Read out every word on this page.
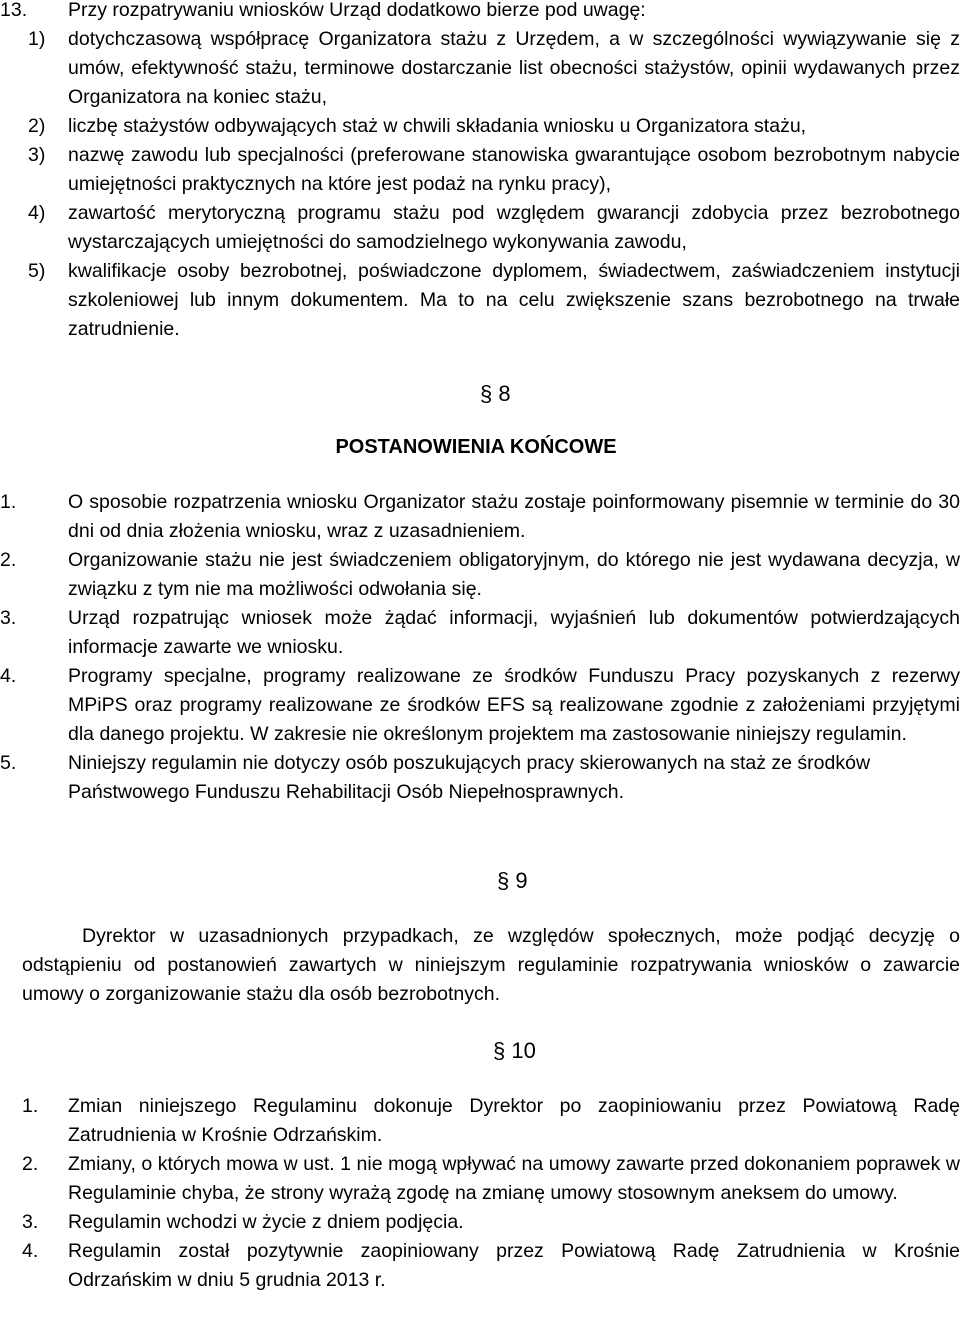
13. Przy rozpatrywaniu wniosków Urząd dodatkowo bierze pod uwagę:

1) dotychczasową współpracę Organizatora stażu z Urzędem, a w szczególności wywiązywanie się z umów, efektywność stażu, terminowe dostarczanie list obecności stażystów, opinii wydawanych przez Organizatora na koniec stażu,

2) liczbę stażystów odbywających staż w chwili składania wniosku u Organizatora stażu,

3) nazwę zawodu lub specjalności (preferowane stanowiska gwarantujące osobom bezrobotnym nabycie umiejętności praktycznych na które jest podaż na rynku pracy),

4) zawartość merytoryczną programu stażu pod względem gwarancji zdobycia przez bezrobotnego wystarczających umiejętności do samodzielnego wykonywania zawodu,

5) kwalifikacje osoby bezrobotnej, poświadczone dyplomem, świadectwem, zaświadczeniem instytucji szkoleniowej lub innym dokumentem. Ma to na celu zwiększenie szans bezrobotnego na trwałe zatrudnienie.

§ 8
POSTANOWIENIA KOŃCOWE
1.	O sposobie rozpatrzenia wniosku Organizator stażu zostaje poinformowany pisemnie w terminie do 30 dni od dnia złożenia wniosku, wraz z uzasadnieniem.

2.	Organizowanie stażu nie jest świadczeniem obligatoryjnym, do którego nie jest wydawana decyzja, w związku z tym nie ma możliwości odwołania się.

3.	Urząd rozpatrując wniosek może żądać informacji, wyjaśnień lub dokumentów potwierdzających informacje zawarte we wniosku.

4.	Programy specjalne, programy realizowane ze środków Funduszu Pracy pozyskanych z rezerwy MPiPS oraz programy realizowane ze środków EFS są realizowane zgodnie z założeniami przyjętymi dla danego projektu. W zakresie nie określonym projektem ma zastosowanie niniejszy regulamin.

5.	Niniejszy regulamin nie dotyczy osób poszukujących pracy skierowanych na staż ze środków Państwowego Funduszu Rehabilitacji Osób Niepełnosprawnych.

§ 9

Dyrektor w uzasadnionych przypadkach, ze względów społecznych, może podjąć decyzję o odstąpieniu od postanowień zawartych w niniejszym regulaminie rozpatrywania wniosków o zawarcie umowy o zorganizowanie stażu dla osób bezrobotnych.

§ 10
1. Zmian niniejszego Regulaminu dokonuje Dyrektor po zaopiniowaniu przez Powiatową Radę Zatrudnienia w Krośnie Odrzańskim.

2. Zmiany, o których mowa w ust. 1 nie mogą wpływać na umowy zawarte przed dokonaniem poprawek w Regulaminie chyba, że strony wyrażą zgodę na zmianę umowy stosownym aneksem do umowy.

3. Regulamin wchodzi w życie z dniem podjęcia.

4. Regulamin został pozytywnie zaopiniowany przez Powiatową Radę Zatrudnienia w Krośnie Odrzańskim w dniu 5 grudnia 2013 r.
